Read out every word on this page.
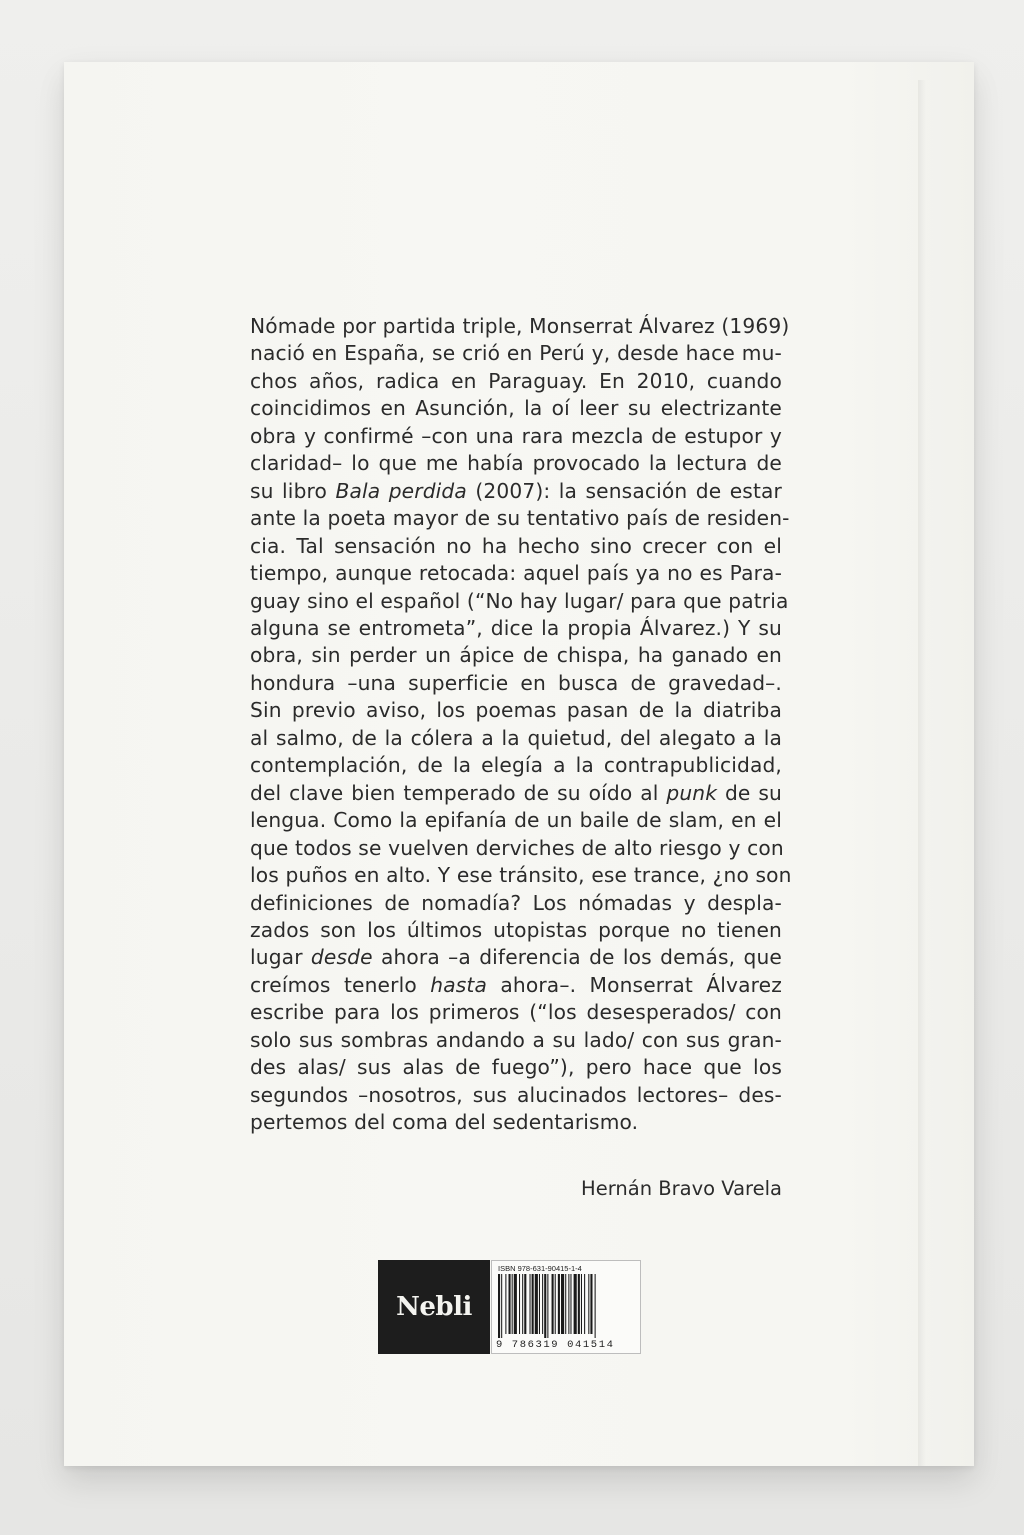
Nómade por partida triple, Monserrat Álvarez (1969)
nació en España, se crió en Perú y, desde hace mu-
chos años, radica en Paraguay. En 2010, cuando
coincidimos en Asunción, la oí leer su electrizante
obra y confirmé –con una rara mezcla de estupor y
claridad– lo que me había provocado la lectura de
su libro Bala perdida (2007): la sensación de estar
ante la poeta mayor de su tentativo país de residen-
cia. Tal sensación no ha hecho sino crecer con el
tiempo, aunque retocada: aquel país ya no es Para-
guay sino el español (“No hay lugar/ para que patria
alguna se entrometa”, dice la propia Álvarez.) Y su
obra, sin perder un ápice de chispa, ha ganado en
hondura –una superficie en busca de gravedad–.
Sin previo aviso, los poemas pasan de la diatriba
al salmo, de la cólera a la quietud, del alegato a la
contemplación, de la elegía a la contrapublicidad,
del clave bien temperado de su oído al punk de su
lengua. Como la epifanía de un baile de slam, en el
que todos se vuelven derviches de alto riesgo y con
los puños en alto. Y ese tránsito, ese trance, ¿no son
definiciones de nomadía? Los nómadas y despla-
zados son los últimos utopistas porque no tienen
lugar desde ahora –a diferencia de los demás, que
creímos tenerlo hasta ahora–. Monserrat Álvarez
escribe para los primeros (“los desesperados/ con
solo sus sombras andando a su lado/ con sus gran-
des alas/ sus alas de fuego”), pero hace que los
segundos –nosotros, sus alucinados lectores– des-
pertemos del coma del sedentarismo.
Hernán Bravo Varela
Nebli
ISBN 978-631-90415-1-4
9 786319 041514
